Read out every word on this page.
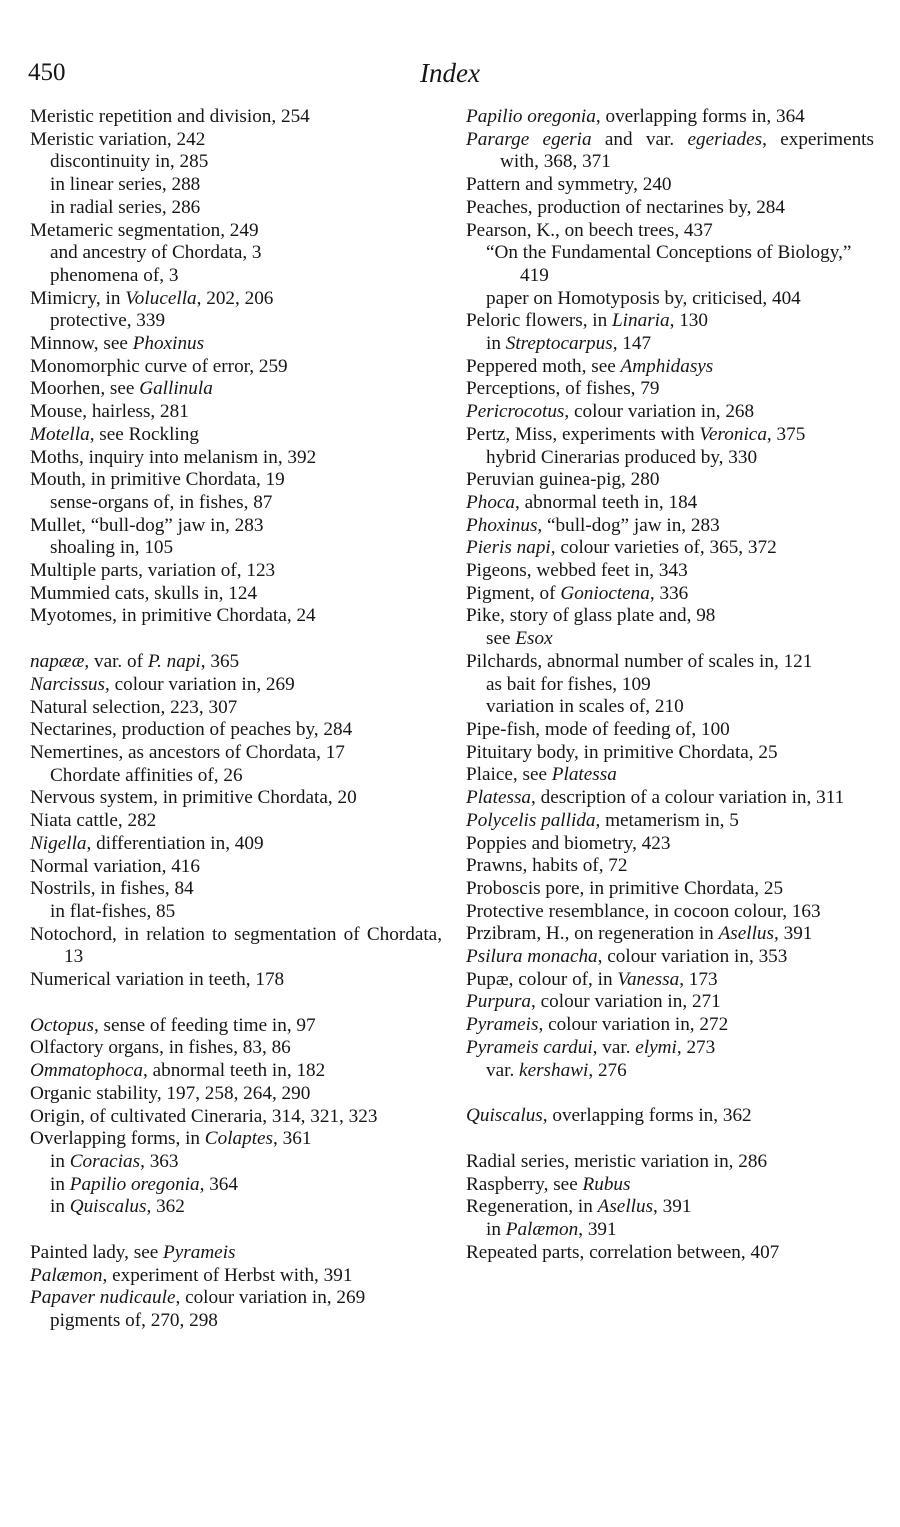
450	Index
Meristic repetition and division, 254
Meristic variation, 242
discontinuity in, 285
in linear series, 288
in radial series, 286
Metameric segmentation, 249
and ancestry of Chordata, 3
phenomena of, 3
Mimicry, in Volucella, 202, 206
protective, 339
Minnow, see Phoxinus
Monomorphic curve of error, 259
Moorhen, see Gallinula
Mouse, hairless, 281
Motella, see Rockling
Moths, inquiry into melanism in, 392
Mouth, in primitive Chordata, 19
sense-organs of, in fishes, 87
Mullet, “bull-dog” jaw in, 283
shoaling in, 105
Multiple parts, variation of, 123
Mummied cats, skulls in, 124
Myotomes, in primitive Chordata, 24
napææ, var. of P. napi, 365
Narcissus, colour variation in, 269
Natural selection, 223, 307
Nectarines, production of peaches by, 284
Nemertines, as ancestors of Chordata, 17
Chordate affinities of, 26
Nervous system, in primitive Chordata, 20
Niata cattle, 282
Nigella, differentiation in, 409
Normal variation, 416
Nostrils, in fishes, 84
in flat-fishes, 85
Notochord, in relation to segmentation of Chordata, 13
Numerical variation in teeth, 178
Octopus, sense of feeding time in, 97
Olfactory organs, in fishes, 83, 86
Ommatophoca, abnormal teeth in, 182
Organic stability, 197, 258, 264, 290
Origin, of cultivated Cineraria, 314, 321, 323
Overlapping forms, in Colaptes, 361
in Coracias, 363
in Papilio oregonia, 364
in Quiscalus, 362
Painted lady, see Pyrameis
Palæmon, experiment of Herbst with, 391
Papaver nudicaule, colour variation in, 269
pigments of, 270, 298
Papilio oregonia, overlapping forms in, 364
Pararge egeria and var. egeriades, experiments with, 368, 371
Pattern and symmetry, 240
Peaches, production of nectarines by, 284
Pearson, K., on beech trees, 437
“On the Fundamental Conceptions of Biology,” 419
paper on Homotyposis by, criticised, 404
Peloric flowers, in Linaria, 130
in Streptocarpus, 147
Peppered moth, see Amphidasys
Perceptions, of fishes, 79
Pericrocotus, colour variation in, 268
Pertz, Miss, experiments with Veronica, 375
hybrid Cinerarias produced by, 330
Peruvian guinea-pig, 280
Phoca, abnormal teeth in, 184
Phoxinus, “bull-dog” jaw in, 283
Pieris napi, colour varieties of, 365, 372
Pigeons, webbed feet in, 343
Pigment, of Gonioctena, 336
Pike, story of glass plate and, 98
see Esox
Pilchards, abnormal number of scales in, 121
as bait for fishes, 109
variation in scales of, 210
Pipe-fish, mode of feeding of, 100
Pituitary body, in primitive Chordata, 25
Plaice, see Platessa
Platessa, description of a colour variation in, 311
Polycelis pallida, metamerism in, 5
Poppies and biometry, 423
Prawns, habits of, 72
Proboscis pore, in primitive Chordata, 25
Protective resemblance, in cocoon colour, 163
Przibram, H., on regeneration in Asellus, 391
Psilura monacha, colour variation in, 353
Pupæ, colour of, in Vanessa, 173
Purpura, colour variation in, 271
Pyrameis, colour variation in, 272
Pyrameis cardui, var. elymi, 273
var. kershawi, 276
Quiscalus, overlapping forms in, 362
Radial series, meristic variation in, 286
Raspberry, see Rubus
Regeneration, in Asellus, 391
in Palæmon, 391
Repeated parts, correlation between, 407
